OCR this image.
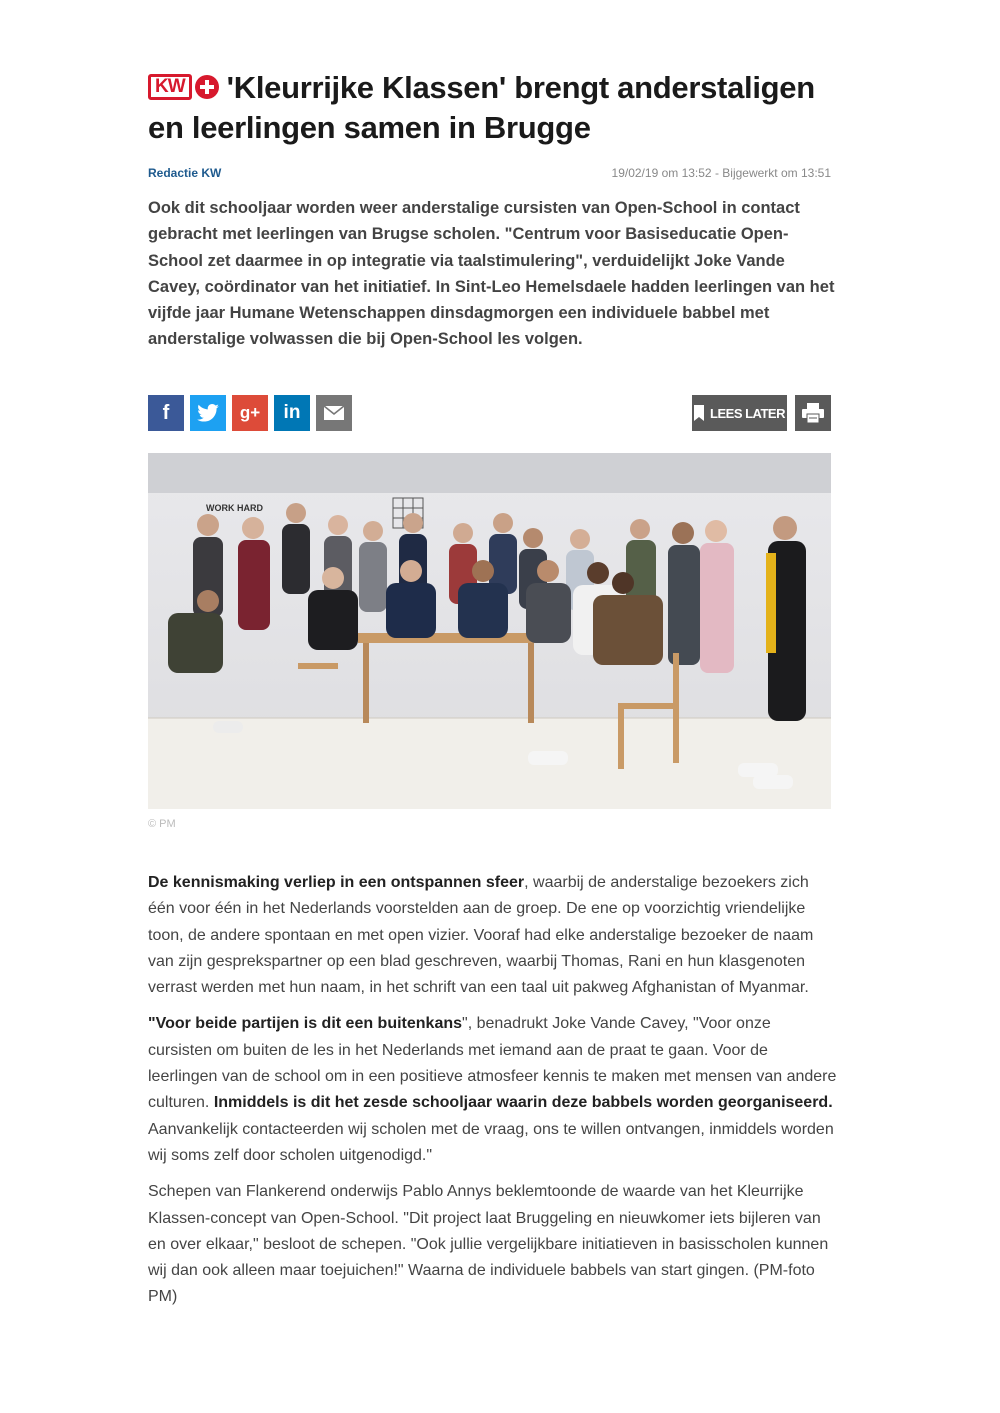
KW 'Kleurrijke Klassen' brengt anderstaligen en leerlingen samen in Brugge
Redactie KW	19/02/19 om 13:52 - Bijgewerkt om 13:51

Ook dit schooljaar worden weer anderstalige cursisten van Open-School in contact gebracht met leerlingen van Brugse scholen. "Centrum voor Basiseducatie Open-School zet daarmee in op integratie via taalstimulering", verduidelijkt Joke Vande Cavey, coördinator van het initiatief. In Sint-Leo Hemelsdaele hadden leerlingen van het vijfde jaar Humane Wetenschappen dinsdagmorgen een individuele babbel met anderstalige volwassen die bij Open-School les volgen.

f	g+ in	LEES LATER
WORK HARD
© PM

De kennismaking verliep in een ontspannen sfeer, waarbij de anderstalige bezoekers zich één voor één in het Nederlands voorstelden aan de groep. De ene op voorzichtig vriendelijke toon, de andere spontaan en met open vizier. Vooraf had elke anderstalige bezoeker de naam van zijn gesprekspartner op een blad geschreven, waarbij Thomas, Rani en hun klasgenoten verrast werden met hun naam, in het schrift van een taal uit pakweg Afghanistan of Myanmar.

"Voor beide partijen is dit een buitenkans", benadrukt Joke Vande Cavey, "Voor onze cursisten om buiten de les in het Nederlands met iemand aan de praat te gaan. Voor de leerlingen van de school om in een positieve atmosfeer kennis te maken met mensen van andere culturen. Inmiddels is dit het zesde schooljaar waarin deze babbels worden georganiseerd. Aanvankelijk contacteerden wij scholen met de vraag, ons te willen ontvangen, inmiddels worden wij soms zelf door scholen uitgenodigd."

Schepen van Flankerend onderwijs Pablo Annys beklemtoonde de waarde van het Kleurrijke Klassen-concept van Open-School. "Dit project laat Bruggeling en nieuwkomer iets bijleren van en over elkaar," besloot de schepen. "Ook jullie vergelijkbare initiatieven in basisscholen kunnen wij dan ook alleen maar toejuichen!" Waarna de individuele babbels van start gingen. (PM-foto PM)
